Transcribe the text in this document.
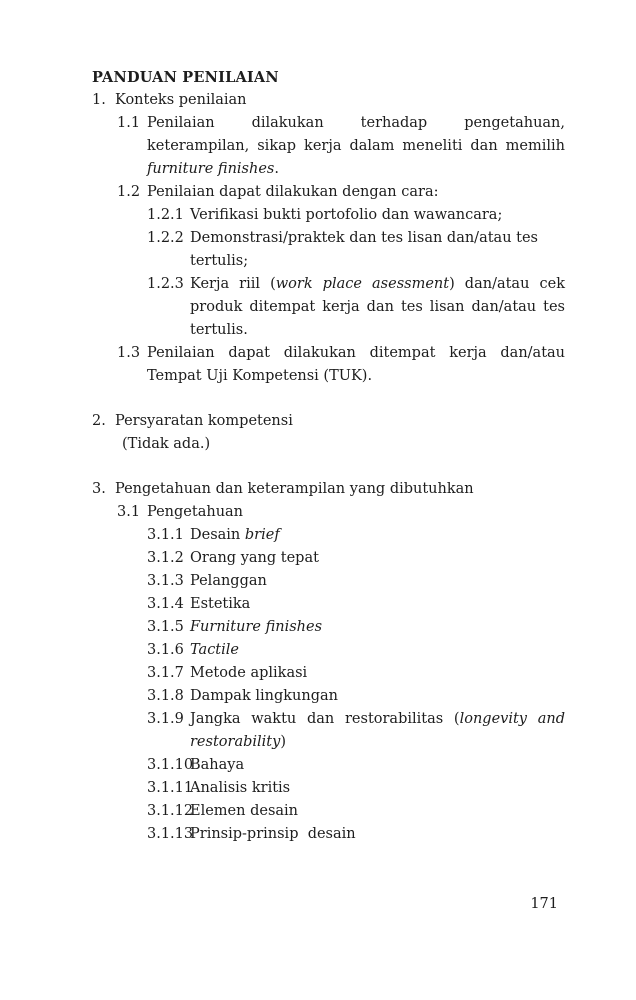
PANDUAN PENILAIAN
1. Konteks penilaian
1.1 Penilaian dilakukan terhadap pengetahuan, keterampilan, sikap kerja dalam meneliti dan memilih furniture finishes.
1.2 Penilaian dapat dilakukan dengan cara:
1.2.1 Verifikasi bukti portofolio dan wawancara;
1.2.2 Demonstrasi/praktek dan tes lisan dan/atau tes tertulis;
1.2.3 Kerja riil (work place asessment) dan/atau cek produk ditempat kerja dan tes lisan dan/atau tes tertulis.
1.3 Penilaian dapat dilakukan ditempat kerja dan/atau Tempat Uji Kompetensi (TUK).
2. Persyaratan kompetensi
(Tidak ada.)
3. Pengetahuan dan keterampilan yang dibutuhkan
3.1 Pengetahuan
3.1.1 Desain brief
3.1.2 Orang yang tepat
3.1.3 Pelanggan
3.1.4 Estetika
3.1.5 Furniture finishes
3.1.6 Tactile
3.1.7 Metode aplikasi
3.1.8 Dampak lingkungan
3.1.9 Jangka waktu dan restorabilitas (longevity and restorability)
3.1.10
Bahaya
3.1.11
Analisis kritis
3.1.12
Elemen desain
3.1.13
Prinsip-prinsip  desain
171
